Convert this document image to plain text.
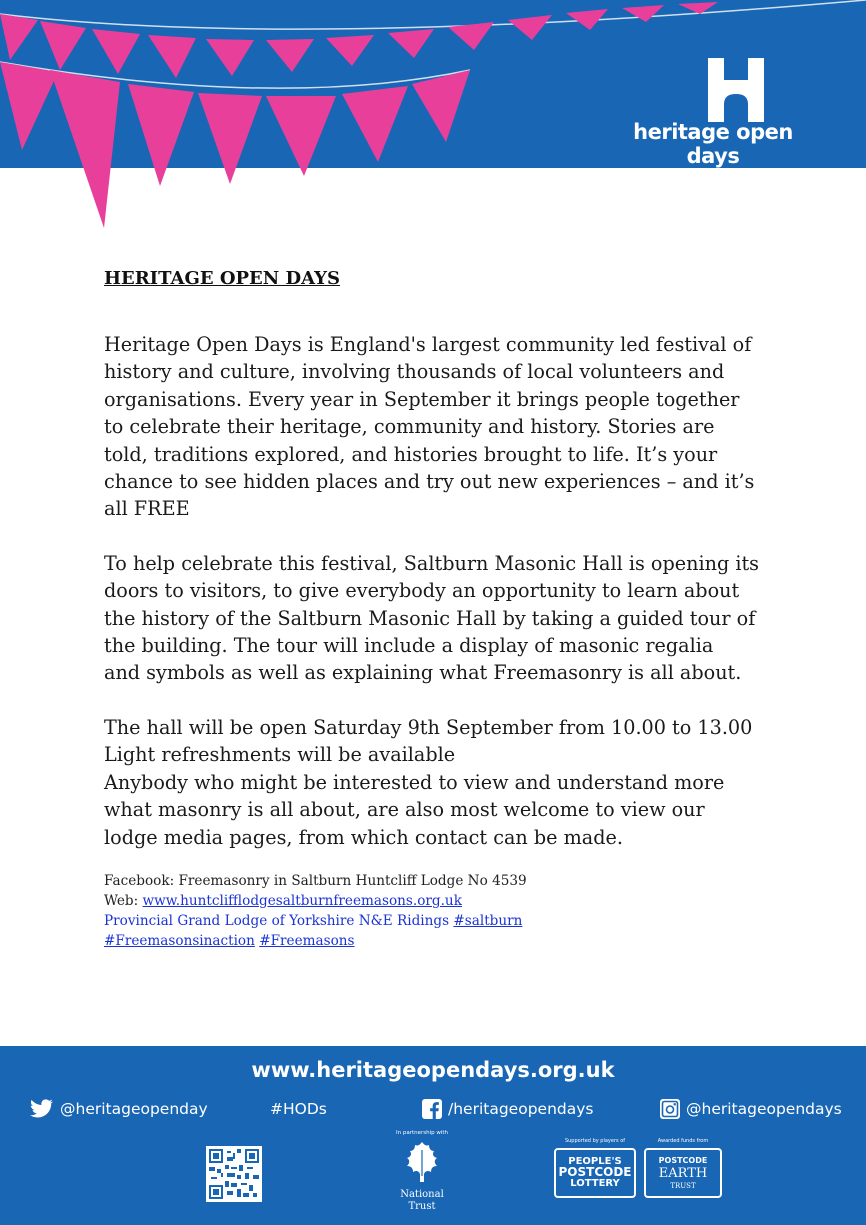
heritage open days
HERITAGE OPEN DAYS

Heritage Open Days is England's largest community led festival of
history and culture, involving thousands of local volunteers and
organisations. Every year in September it brings people together
to celebrate their heritage, community and history. Stories are
told, traditions explored, and histories brought to life. It’s your
chance to see hidden places and try out new experiences – and it’s
all FREE

To help celebrate this festival, Saltburn Masonic Hall is opening its
doors to visitors, to give everybody an opportunity to learn about
the history of the Saltburn Masonic Hall by taking a guided tour of
the building. The tour will include a display of masonic regalia
and symbols as well as explaining what Freemasonry is all about.

The hall will be open Saturday 9th September from 10.00 to 13.00
Light refreshments will be available
Anybody who might be interested to view and understand more
what masonry is all about, are also most welcome to view our
lodge media pages, from which contact can be made.

Facebook: Freemasonry in Saltburn Huntcliff Lodge No 4539
Web: www.huntclifflodgesaltburnfreemasons.org.uk
Provincial Grand Lodge of Yorkshire N&E Ridings #saltburn
#Freemasonsinaction #Freemasons
www.heritageopendays.org.uk
@heritageopenday	#HODs	/heritageopendays	@heritageopendays
In partnership with
National
Trust
Supported by players of
PEOPLE'S
POSTCODE
LOTTERY
Awarded funds from
POSTCODE
EARTH
TRUST
